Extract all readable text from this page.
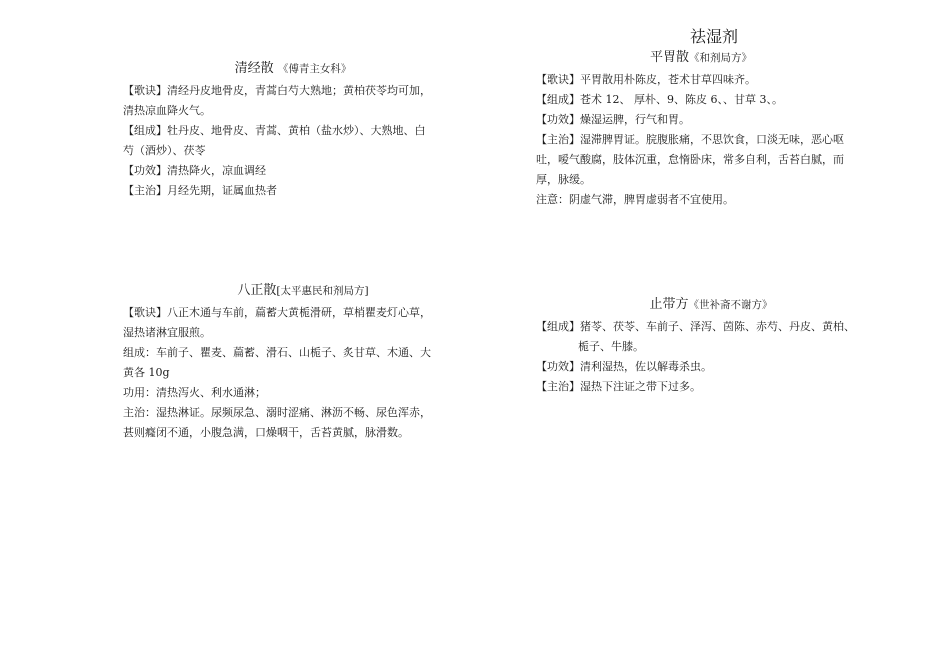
祛湿剂
清经散 《傅青主女科》
【歌诀】清经丹皮地骨皮，青蒿白芍大熟地；黄柏茯苓均可加，
清热凉血降火气。
【组成】牡丹皮、地骨皮、青蒿、黄柏（盐水炒）、大熟地、白
芍（酒炒）、茯苓
【功效】清热降火，凉血调经
【主治】月经先期，证属血热者
平胃散《和剂局方》
【歌诀】平胃散用朴陈皮，苍术甘草四味齐。
【组成】苍术 12、 厚朴、9、陈皮 6、、甘草 3、。
【功效】燥湿运脾，行气和胃。
【主治】湿滞脾胃证。脘腹胀痛，不思饮食，口淡无味，恶心呕
吐，嗳气酸腐，肢体沉重，怠惰卧床，常多自利，舌苔白腻，而
厚，脉缓。
注意：阴虚气滞，脾胃虚弱者不宜使用。
八正散[太平惠民和剂局方]
【歌诀】八正木通与车前，萹蓄大黄栀滑研，草梢瞿麦灯心草，
湿热诸淋宜服煎。
组成：车前子、瞿麦、萹蓄、滑石、山栀子、炙甘草、木通、大
黄各 10g
功用：清热泻火、利水通淋；
主治：湿热淋证。尿频尿急、溺时涩痛、淋沥不畅、尿色浑赤，
甚则癃闭不通，小腹急满，口燥咽干，舌苔黄腻，脉滑数。
止带方《世补斋不谢方》
【组成】猪苓、茯苓、车前子、泽泻、茵陈、赤芍、丹皮、黄柏、
栀子、牛膝。
【功效】清利湿热，佐以解毒杀虫。
【主治】湿热下注证之带下过多。
